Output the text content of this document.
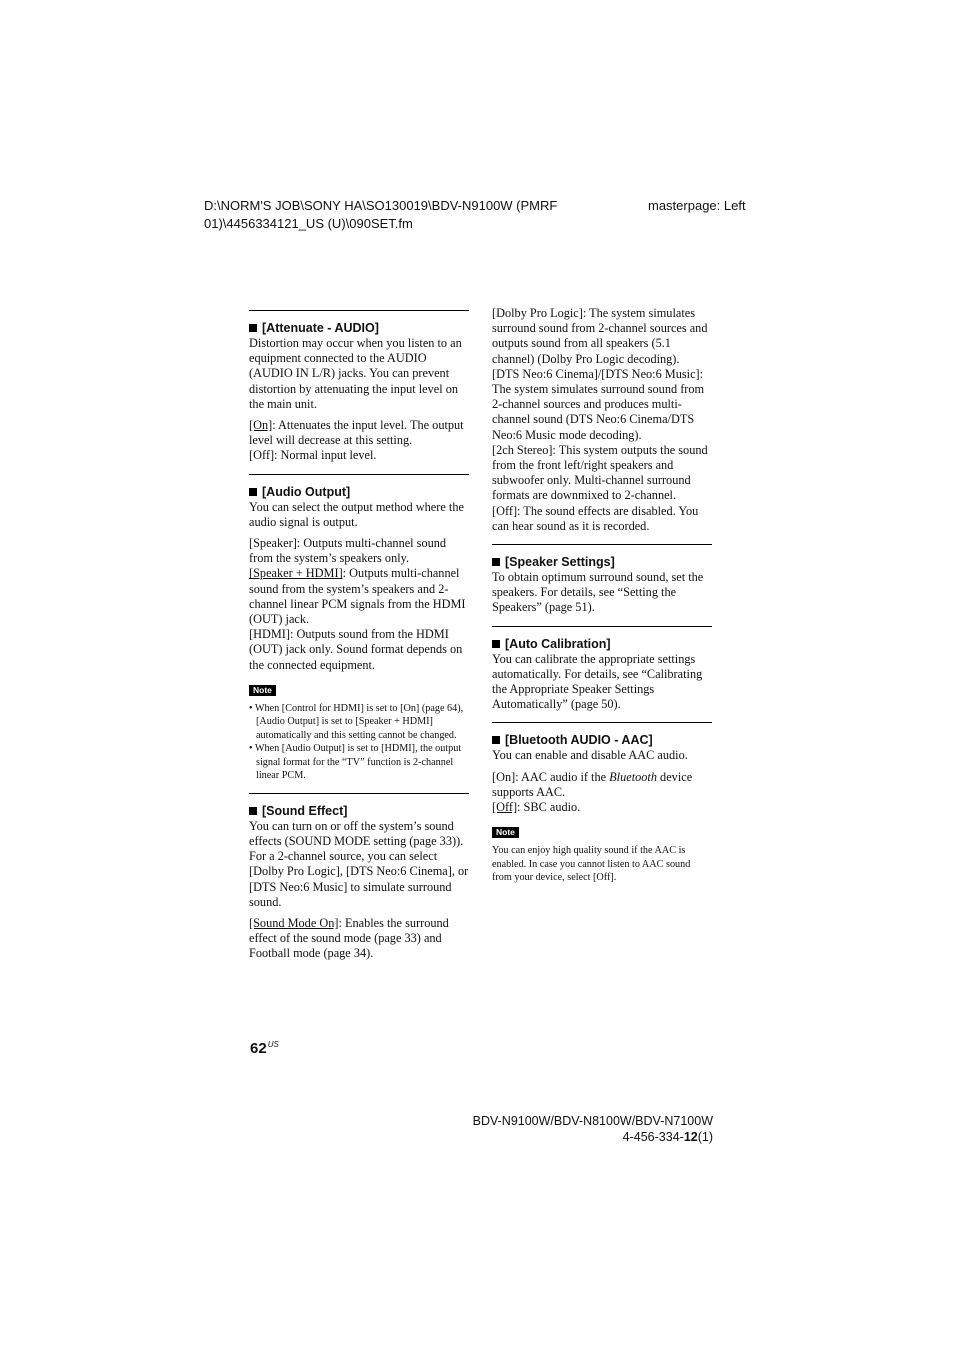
D:\NORM'S JOB\SONY HA\SO130019\BDV-N9100W (PMRF
01)\4456334121_US (U)\090SET.fm
masterpage: Left
[Attenuate - AUDIO]

Distortion may occur when you listen to an equipment connected to the AUDIO (AUDIO IN L/R) jacks. You can prevent distortion by attenuating the input level on the main unit.

[On]: Attenuates the input level. The output level will decrease at this setting.

[Off]: Normal input level.

[Audio Output]

You can select the output method where the audio signal is output.

[Speaker]: Outputs multi-channel sound from the system’s speakers only.

[Speaker + HDMI]: Outputs multi-channel sound from the system’s speakers and 2-channel linear PCM signals from the HDMI (OUT) jack.

[HDMI]: Outputs sound from the HDMI (OUT) jack only. Sound format depends on the connected equipment.

Note
• When [Control for HDMI] is set to [On] (page 64), [Audio Output] is set to [Speaker + HDMI] automatically and this setting cannot be changed.
• When [Audio Output] is set to [HDMI], the output signal format for the “TV” function is 2-channel linear PCM.
[Sound Effect]

You can turn on or off the system’s sound effects (SOUND MODE setting (page 33)). For a 2-channel source, you can select [Dolby Pro Logic], [DTS Neo:6 Cinema], or [DTS Neo:6 Music] to simulate surround sound.

[Sound Mode On]: Enables the surround effect of the sound mode (page 33) and Football mode (page 34).

[Dolby Pro Logic]: The system simulates surround sound from 2-channel sources and outputs sound from all speakers (5.1 channel) (Dolby Pro Logic decoding).

[DTS Neo:6 Cinema]/[DTS Neo:6 Music]: The system simulates surround sound from 2-channel sources and produces multi-channel sound (DTS Neo:6 Cinema/DTS Neo:6 Music mode decoding).

[2ch Stereo]: This system outputs the sound from the front left/right speakers and subwoofer only. Multi-channel surround formats are downmixed to 2-channel.

[Off]: The sound effects are disabled. You can hear sound as it is recorded.

[Speaker Settings]

To obtain optimum surround sound, set the speakers. For details, see “Setting the Speakers” (page 51).

[Auto Calibration]

You can calibrate the appropriate settings automatically. For details, see “Calibrating the Appropriate Speaker Settings Automatically” (page 50).

[Bluetooth AUDIO - AAC]

You can enable and disable AAC audio.

[On]: AAC audio if the Bluetooth device supports AAC.

[Off]: SBC audio.

Note

You can enjoy high quality sound if the AAC is enabled. In case you cannot listen to AAC sound from your device, select [Off].

$62^{US}$
BDV-N9100W/BDV-N8100W/BDV-N7100W
4-456-334-12(1)
